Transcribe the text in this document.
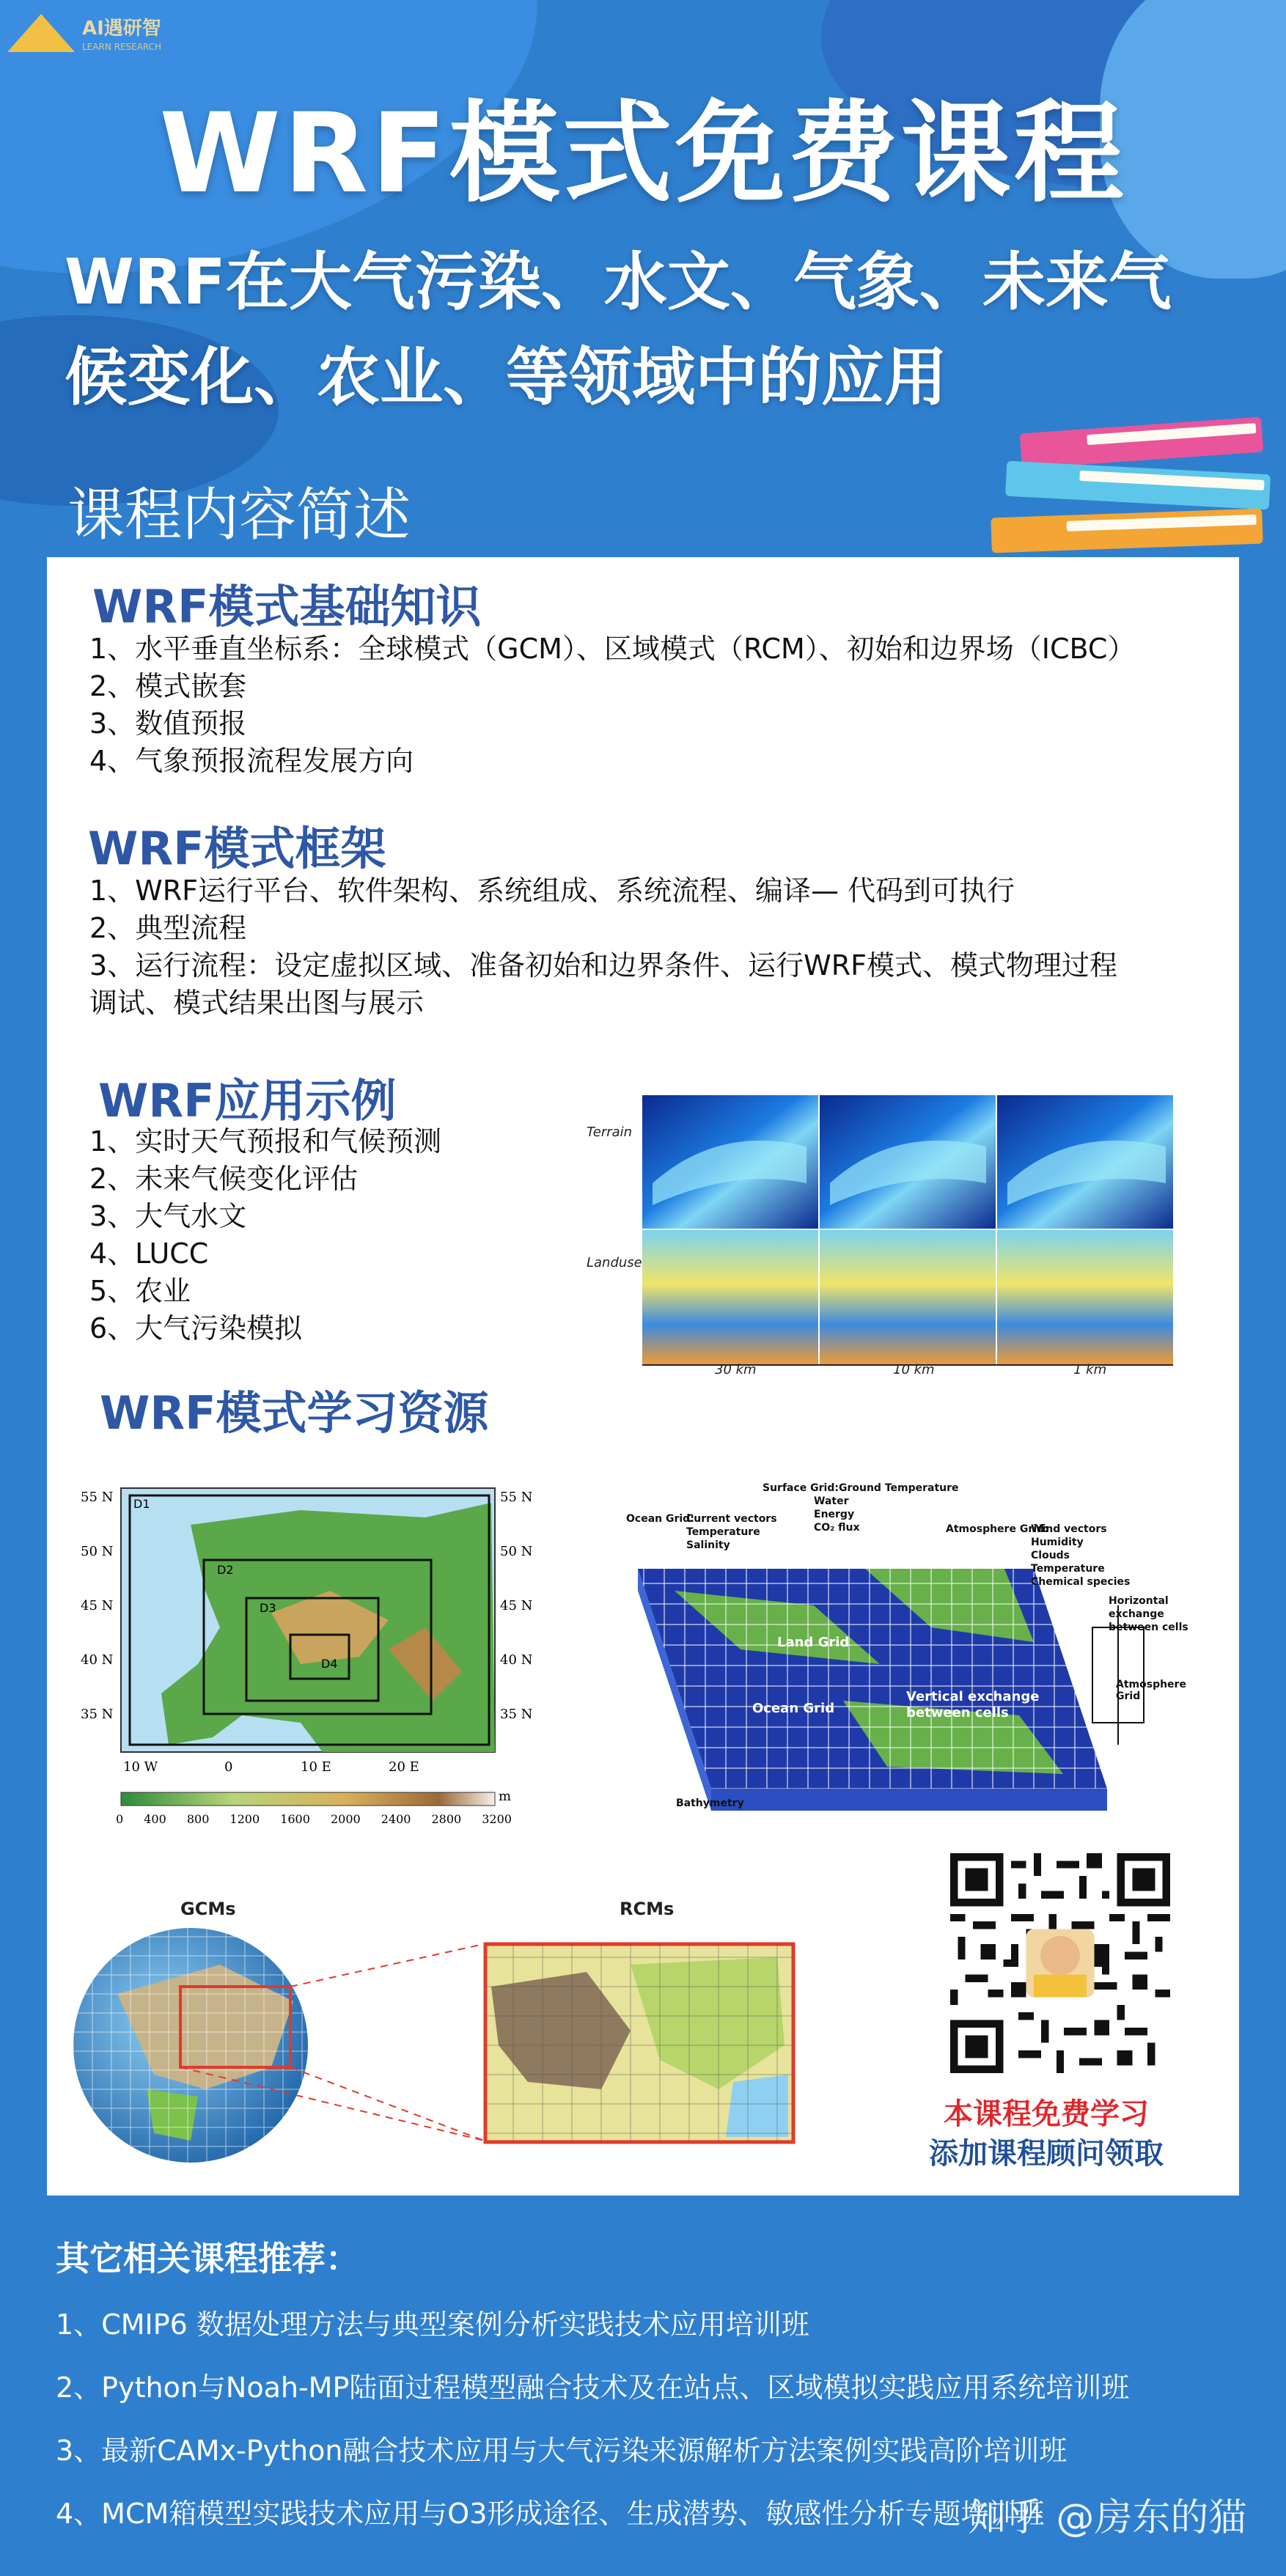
AI遇研智
LEARN RESEARCH
WRF模式免费课程
WRF在大气污染、水文、气象、未来气
候变化、农业、等领域中的应用
课程内容简述
WRF模式基础知识
1、水平垂直坐标系：全球模式（GCM）、区域模式（RCM）、初始和边界场（ICBC）
2、模式嵌套
3、数值预报
4、气象预报流程发展方向
WRF模式框架
1、WRF运行平台、软件架构、系统组成、系统流程、编译— 代码到可执行
2、典型流程
3、运行流程：设定虚拟区域、准备初始和边界条件、运行WRF模式、模式物理过程
调试、模式结果出图与展示
WRF应用示例
1、实时天气预报和气候预测
2、未来气候变化评估
3、大气水文
4、LUCC
5、农业
6、大气污染模拟
Terrain
Landuse
30 km	10 km	1 km
WRF模式学习资源
D1
D2
D3
D4
55 N
50 N
45 N
40 N
35 N
55 N
50 N
45 N
40 N
35 N
10 W	0	10 E	20 E
m
0 400 800 1200 1600 2000 2400 2800 3200
Surface Grid:Ground Temperature
Water
Energy
CO₂ flux
Ocean Grid:
Current vectors
Temperature
Salinity
Atmosphere Grid:
Wind vectors
Humidity
Clouds
Temperature
Chemical species
Horizontal
exchange
between cells
Atmosphere Grid
Land Grid
Ocean Grid
Vertical exchange
between cells
Bathymetry
GCMs	RCMs
本课程免费学习
添加课程顾问领取
其它相关课程推荐：
1、CMIP6 数据处理方法与典型案例分析实践技术应用培训班
2、Python与Noah-MP陆面过程模型融合技术及在站点、区域模拟实践应用系统培训班
3、最新CAMx-Python融合技术应用与大气污染来源解析方法案例实践高阶培训班
4、MCM箱模型实践技术应用与O3形成途径、生成潜势、敏感性分析专题培训班
知乎 @房东的猫
